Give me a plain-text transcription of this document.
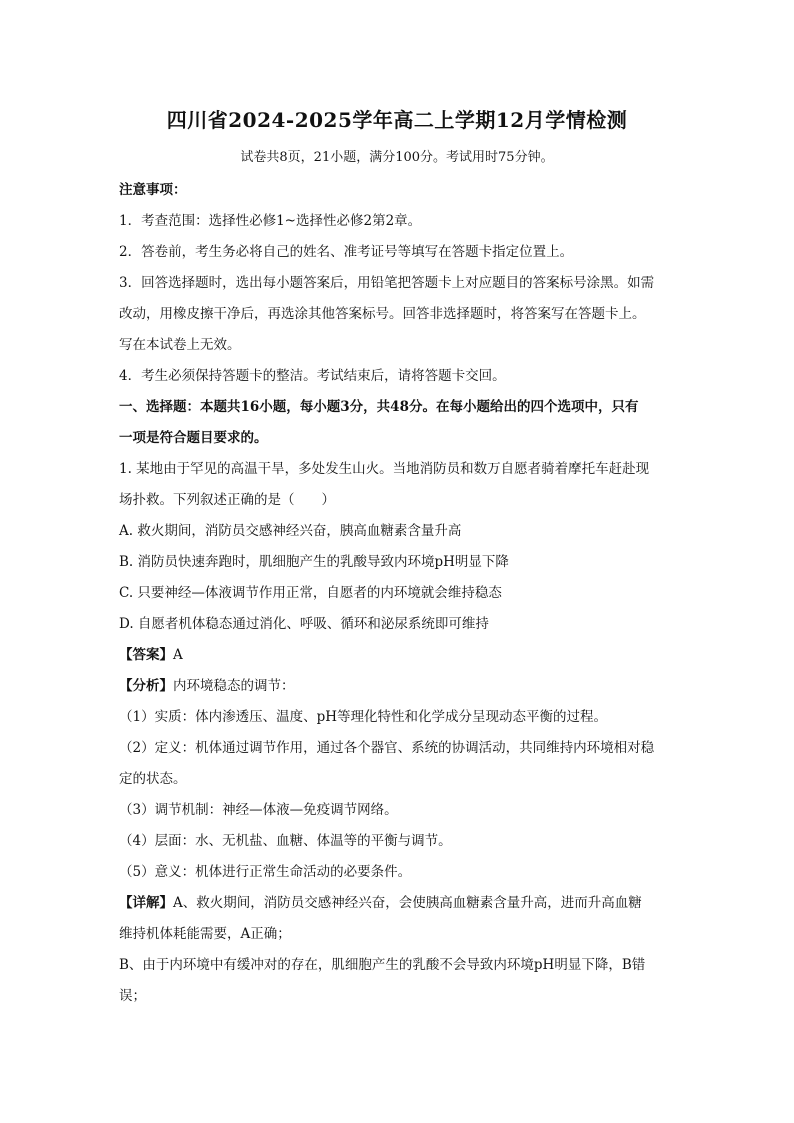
四川省2024-2025学年高二上学期12月学情检测
试卷共8页，21小题，满分100分。考试用时75分钟。

注意事项：

1．考查范围：选择性必修1~选择性必修2第2章。

2．答卷前，考生务必将自己的姓名、准考证号等填写在答题卡指定位置上。

3．回答选择题时，选出每小题答案后，用铅笔把答题卡上对应题目的答案标号涂黑。如需

改动，用橡皮擦干净后，再选涂其他答案标号。回答非选择题时，将答案写在答题卡上。

写在本试卷上无效。

4．考生必须保持答题卡的整洁。考试结束后，请将答题卡交回。

一、选择题：本题共16小题，每小题3分，共48分。在每小题给出的四个选项中，只有

一项是符合题目要求的。

1. 某地由于罕见的高温干旱，多处发生山火。当地消防员和数万自愿者骑着摩托车赶赴现

场扑救。下列叙述正确的是（　　）

A. 救火期间，消防员交感神经兴奋，胰高血糖素含量升高

B. 消防员快速奔跑时，肌细胞产生的乳酸导致内环境pH明显下降

C. 只要神经—体液调节作用正常，自愿者的内环境就会维持稳态

D. 自愿者机体稳态通过消化、呼吸、循环和泌尿系统即可维持

【答案】A

【分析】内环境稳态的调节：

（1）实质：体内渗透压、温度、pH等理化特性和化学成分呈现动态平衡的过程。

（2）定义：机体通过调节作用，通过各个器官、系统的协调活动，共同维持内环境相对稳

定的状态。

（3）调节机制：神经—体液—免疫调节网络。

（4）层面：水、无机盐、血糖、体温等的平衡与调节。

（5）意义：机体进行正常生命活动的必要条件。

【详解】A、救火期间，消防员交感神经兴奋，会使胰高血糖素含量升高，进而升高血糖

维持机体耗能需要，A正确；

B、由于内环境中有缓冲对的存在，肌细胞产生的乳酸不会导致内环境pH明显下降，B错

误；
